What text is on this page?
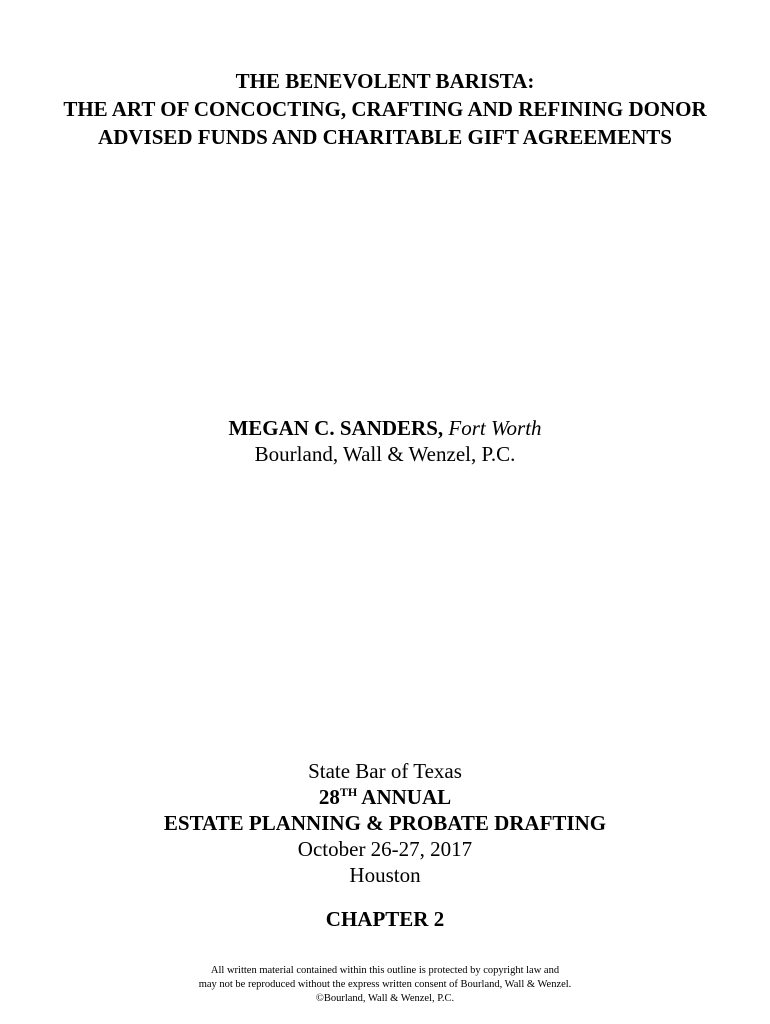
THE BENEVOLENT BARISTA:
THE ART OF CONCOCTING, CRAFTING AND REFINING DONOR
ADVISED FUNDS AND CHARITABLE GIFT AGREEMENTS
MEGAN C. SANDERS, Fort Worth
Bourland, Wall & Wenzel, P.C.
State Bar of Texas
28TH ANNUAL
ESTATE PLANNING & PROBATE DRAFTING
October 26-27, 2017
Houston
CHAPTER 2
All written material contained within this outline is protected by copyright law and
may not be reproduced without the express written consent of Bourland, Wall & Wenzel.
©Bourland, Wall & Wenzel, P.C.
